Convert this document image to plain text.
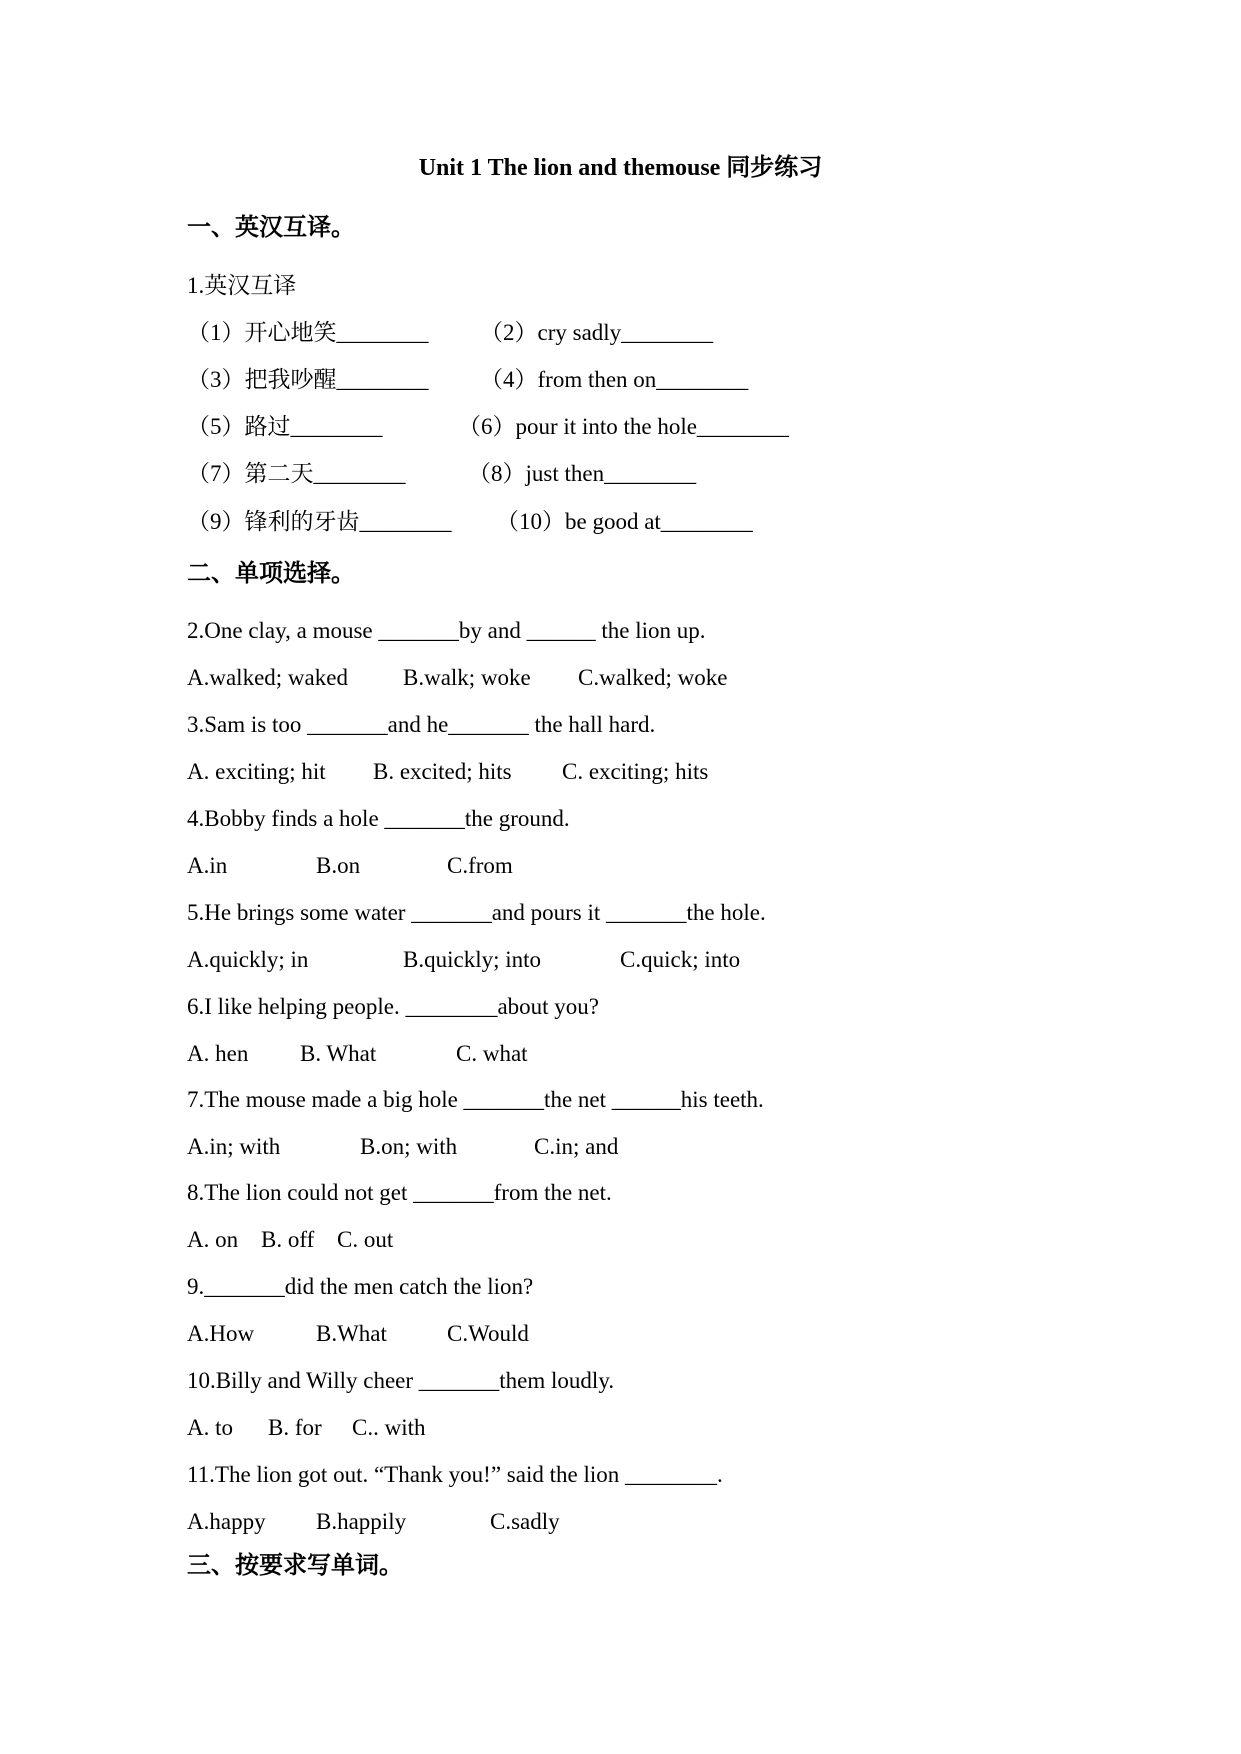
Unit 1 The lion and themouse 同步练习
一、英汉互译。
1.英汉互译
（1）开心地笑________ （2）cry sadly________
（3）把我吵醒________ （4）from then on________
（5）路过________	（6）pour it into the hole________
（7）第二天________	（8）just then________
（9）锋利的牙齿________ （10）be good at________
二、单项选择。
2.One clay, a mouse _______by and ______ the lion up.
A.walked; waked B.walk; woke C.walked; woke
3.Sam is too _______and he_______ the hall hard.
A. exciting; hit B. excited; hits C. exciting; hits
4.Bobby finds a hole _______the ground.
A.in	B.on	C.from
5.He brings some water _______and pours it _______the hole.
A.quickly; in	B.quickly; into	C.quick; into
6.I like helping people. ________about you?
A. hen B. What	C. what
7.The mouse made a big hole _______the net ______his teeth.
A.in; with	B.on; with	C.in; and
8.The lion could not get _______from the net.
A. on B. off C. out
9._______did the men catch the lion?
A.How	B.What	C.Would
10.Billy and Willy cheer _______them loudly.
A. to B. for C.. with
11.The lion got out. “Thank you!” said the lion ________.
A.happy B.happily	C.sadly
三、按要求写单词。
